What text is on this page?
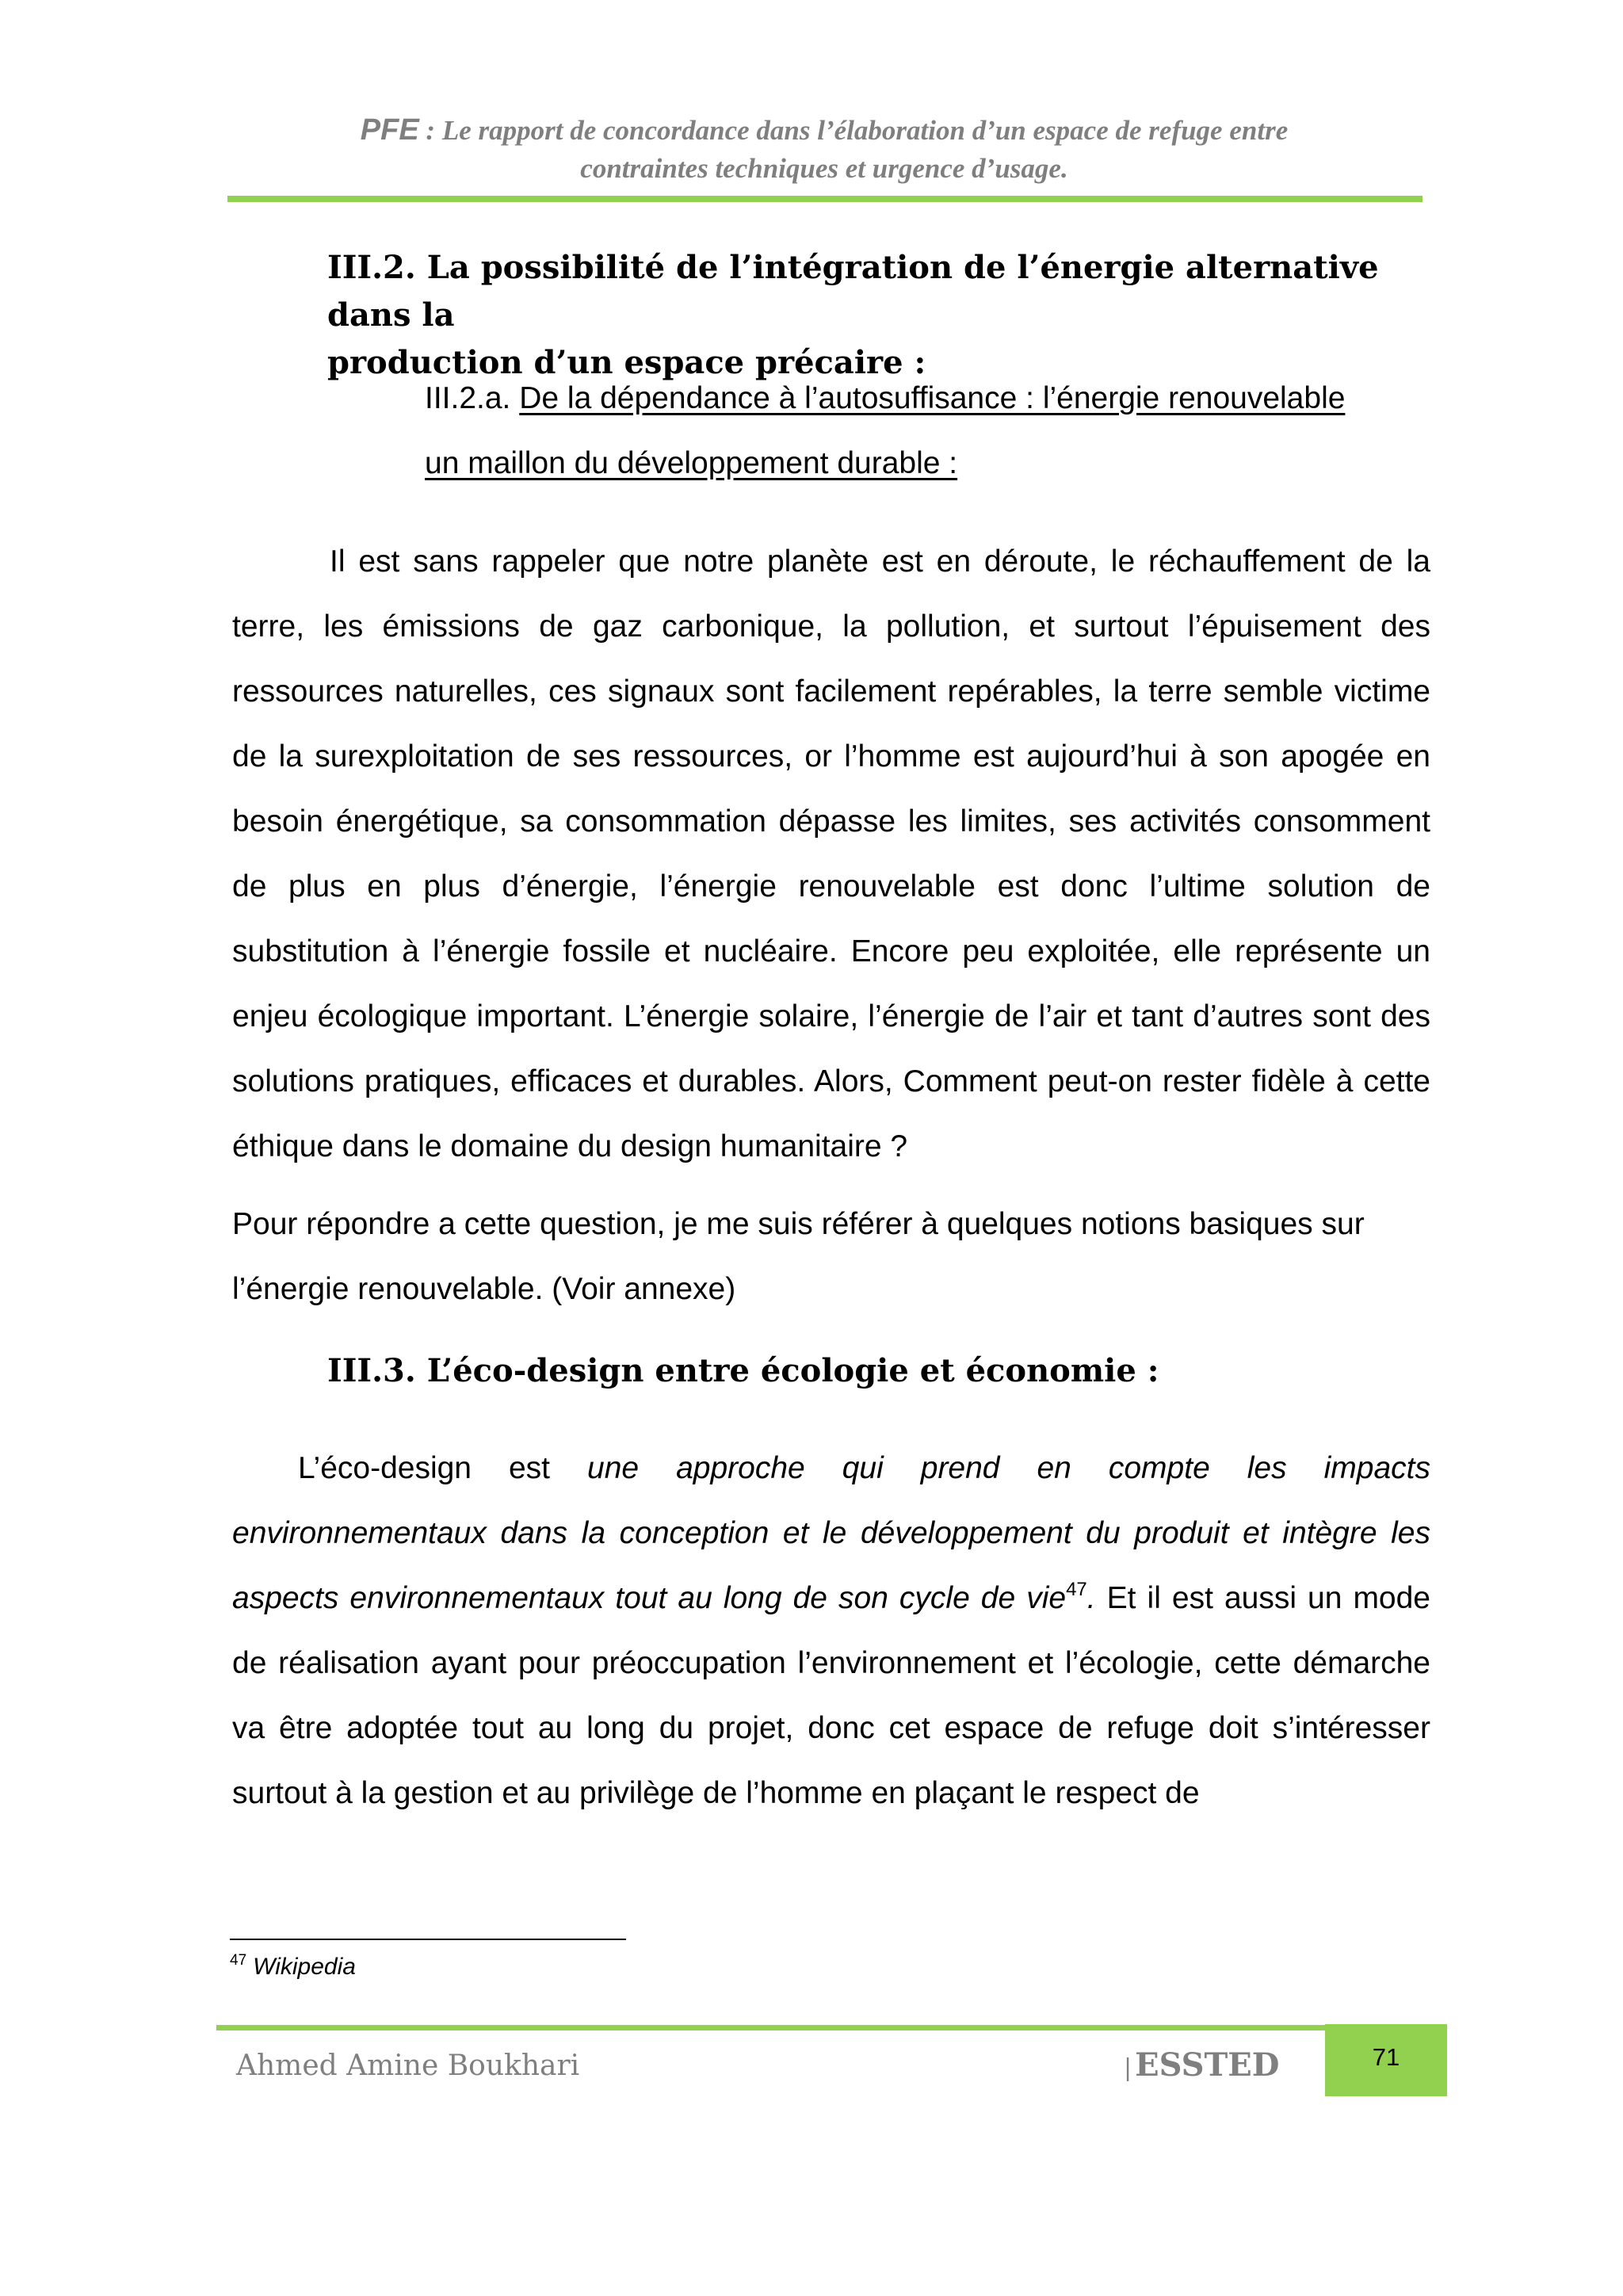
PFE : Le rapport de concordance dans l’élaboration d’un espace de refuge entre
contraintes techniques et urgence d’usage.
III.2. La possibilité de l’intégration de l’énergie alternative dans la
production d’un espace précaire :
III.2.a. De la dépendance à l’autosuffisance : l’énergie renouvelable
un maillon du développement durable :

Il est sans rappeler que notre planète est en déroute, le réchauffement de la terre, les émissions de gaz carbonique, la pollution, et surtout l’épuisement des ressources naturelles, ces signaux sont facilement repérables, la terre semble victime de la surexploitation de ses ressources, or l’homme est aujourd’hui à son apogée en besoin énergétique, sa consommation dépasse les limites, ses activités consomment de plus en plus d’énergie, l’énergie renouvelable est donc l’ultime solution de substitution à l’énergie fossile et nucléaire. Encore peu exploitée, elle représente un enjeu écologique important. L’énergie solaire, l’énergie de l’air et tant d’autres sont des solutions pratiques, efficaces et durables. Alors, Comment peut-on rester fidèle à cette éthique dans le domaine du design humanitaire ?

Pour répondre a cette question, je me suis référer à quelques notions basiques sur
l’énergie renouvelable. (Voir annexe)
III.3. L’éco-design entre écologie et économie :

L’éco-design est une approche qui prend en compte les impacts environnementaux dans la conception et le développement du produit et intègre les aspects environnementaux tout au long de son cycle de vie$^{47}$. Et il est aussi un mode de réalisation ayant pour préoccupation l’environnement et l’écologie, cette démarche va être adoptée tout au long du projet, donc cet espace de refuge doit s’intéresser surtout à la gestion et au privilège de l’homme en plaçant le respect de

$^{47}$ Wikipedia
Ahmed Amine Boukhari	| ESSTED	71
